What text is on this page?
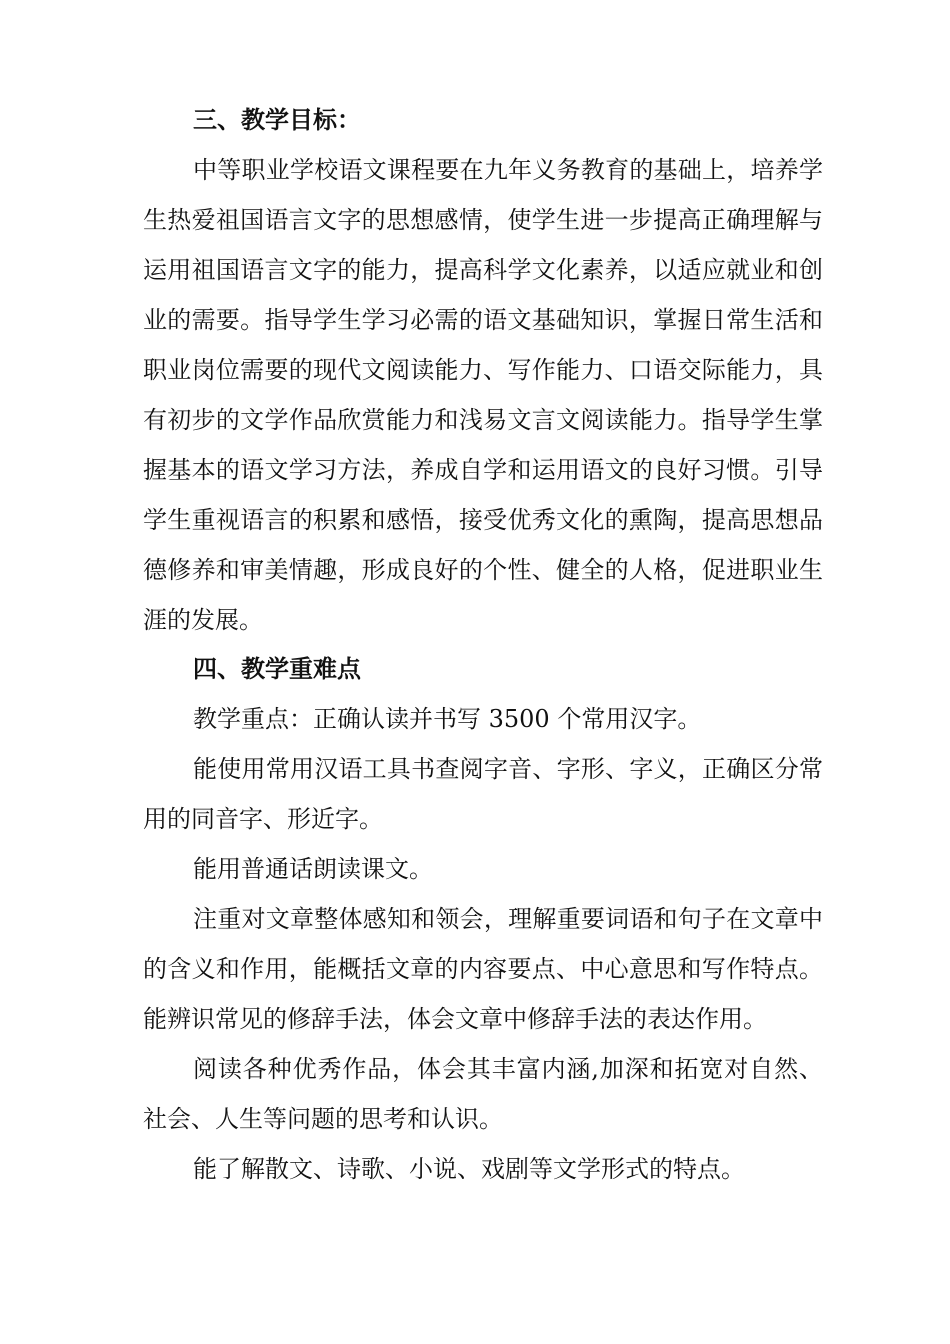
三、教学目标：
中等职业学校语文课程要在九年义务教育的基础上，培养学
生热爱祖国语言文字的思想感情，使学生进一步提高正确理解与
运用祖国语言文字的能力，提高科学文化素养，以适应就业和创
业的需要。指导学生学习必需的语文基础知识，掌握日常生活和
职业岗位需要的现代文阅读能力、写作能力、口语交际能力，具
有初步的文学作品欣赏能力和浅易文言文阅读能力。指导学生掌
握基本的语文学习方法，养成自学和运用语文的良好习惯。引导
学生重视语言的积累和感悟，接受优秀文化的熏陶，提高思想品
德修养和审美情趣，形成良好的个性、健全的人格，促进职业生
涯的发展。
四、教学重难点
教学重点：正确认读并书写 3500 个常用汉字。
能使用常用汉语工具书查阅字音、字形、字义，正确区分常
用的同音字、形近字。
能用普通话朗读课文。
注重对文章整体感知和领会，理解重要词语和句子在文章中
的含义和作用，能概括文章的内容要点、中心意思和写作特点。
能辨识常见的修辞手法，体会文章中修辞手法的表达作用。
阅读各种优秀作品，体会其丰富内涵,加深和拓宽对自然、
社会、人生等问题的思考和认识。
能了解散文、诗歌、小说、戏剧等文学形式的特点。
